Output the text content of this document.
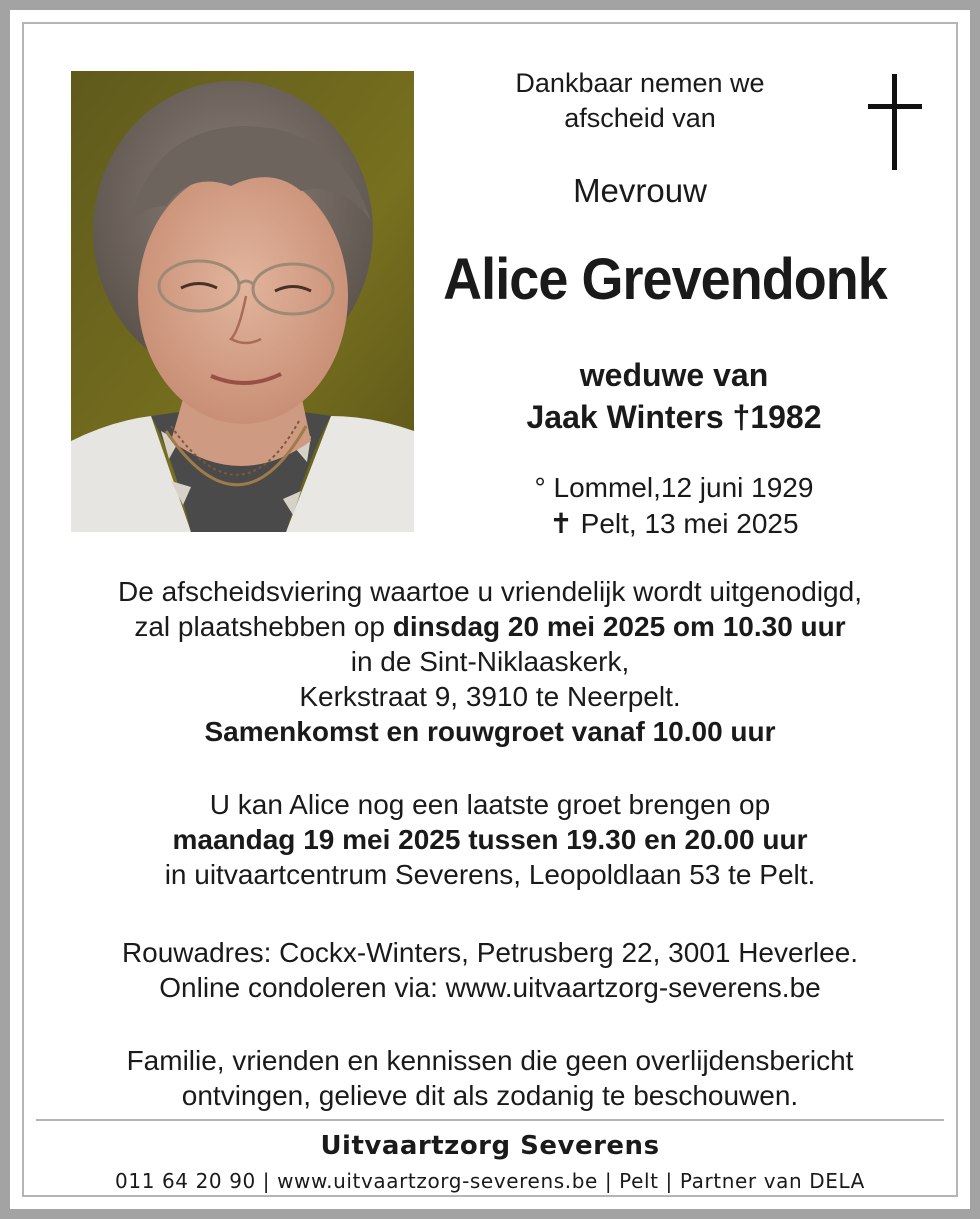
Dankbaar nemen we
afscheid van
Mevrouw
Alice Grevendonk
weduwe van
Jaak Winters †1982
° Lommel,12 juni 1929
✝ Pelt, 13 mei 2025
De afscheidsviering waartoe u vriendelijk wordt uitgenodigd,
zal plaatshebben op dinsdag 20 mei 2025 om 10.30 uur
in de Sint-Niklaaskerk,
Kerkstraat 9, 3910 te Neerpelt.
Samenkomst en rouwgroet vanaf 10.00 uur
U kan Alice nog een laatste groet brengen op
maandag 19 mei 2025 tussen 19.30 en 20.00 uur
in uitvaartcentrum Severens, Leopoldlaan 53 te Pelt.
Rouwadres: Cockx-Winters, Petrusberg 22, 3001 Heverlee.
Online condoleren via: www.uitvaartzorg-severens.be
Familie, vrienden en kennissen die geen overlijdensbericht
ontvingen, gelieve dit als zodanig te beschouwen.
Uitvaartzorg Severens
011 64 20 90 | www.uitvaartzorg-severens.be | Pelt | Partner van DELA
